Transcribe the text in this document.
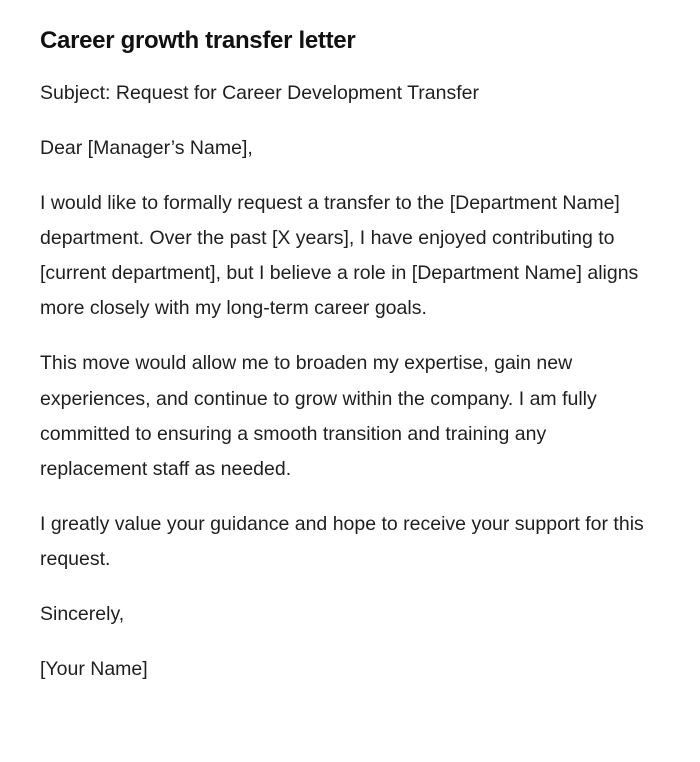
Career growth transfer letter

Subject: Request for Career Development Transfer

Dear [Manager’s Name],

I would like to formally request a transfer to the [Department Name] department. Over the past [X years], I have enjoyed contributing to [current department], but I believe a role in [Department Name] aligns more closely with my long-term career goals.

This move would allow me to broaden my expertise, gain new experiences, and continue to grow within the company. I am fully committed to ensuring a smooth transition and training any replacement staff as needed.

I greatly value your guidance and hope to receive your support for this request.

Sincerely,

[Your Name]
